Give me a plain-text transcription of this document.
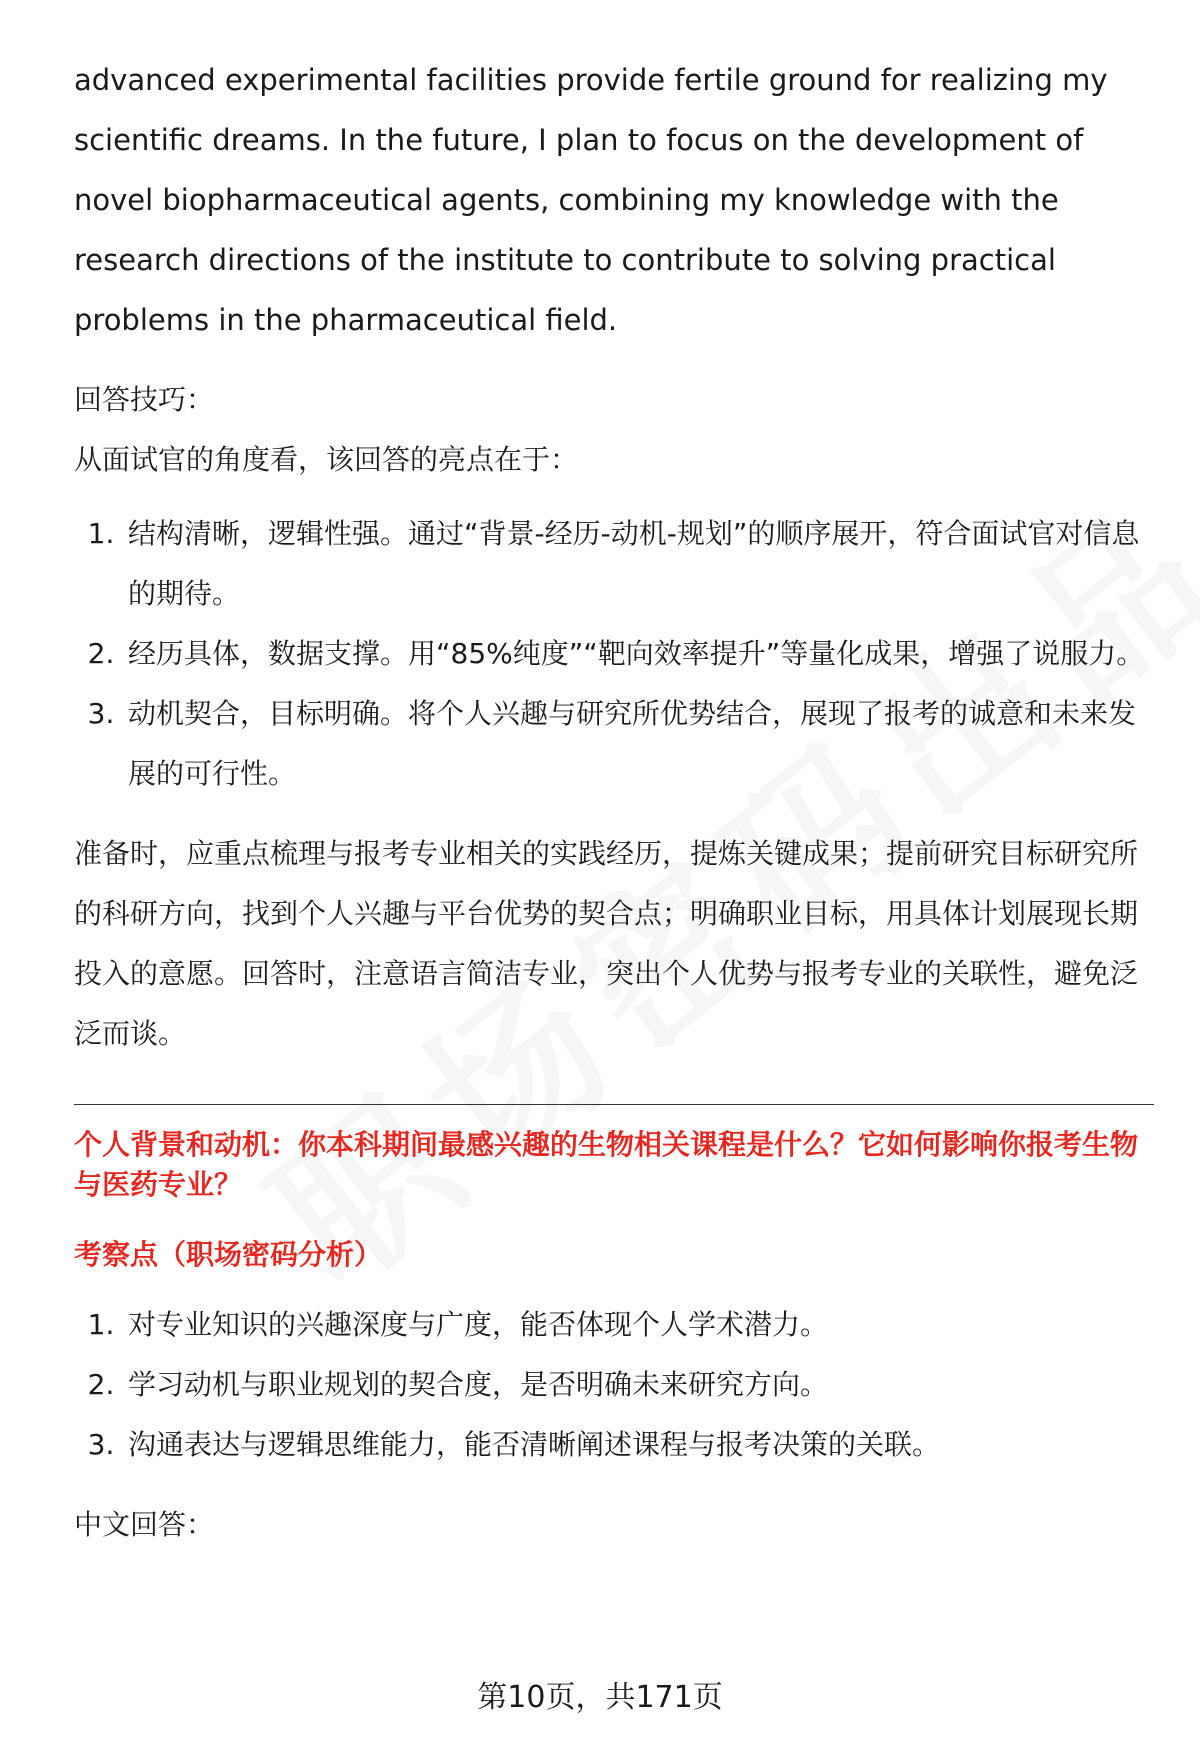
advanced experimental facilities provide fertile ground for realizing my scientific dreams. In the future, I plan to focus on the development of novel biopharmaceutical agents, combining my knowledge with the research directions of the institute to contribute to solving practical problems in the pharmaceutical field.

回答技巧：

从面试官的角度看，该回答的亮点在于：

1. 结构清晰，逻辑性强。通过“背景-经历-动机-规划”的顺序展开，符合面试官对信息的期待。
2. 经历具体，数据支撑。用“85%纯度”“靶向效率提升”等量化成果，增强了说服力。
3. 动机契合，目标明确。将个人兴趣与研究所优势结合，展现了报考的诚意和未来发展的可行性。

准备时，应重点梳理与报考专业相关的实践经历，提炼关键成果；提前研究目标研究所的科研方向，找到个人兴趣与平台优势的契合点；明确职业目标，用具体计划展现长期投入的意愿。回答时，注意语言简洁专业，突出个人优势与报考专业的关联性，避免泛泛而谈。

个人背景和动机：你本科期间最感兴趣的生物相关课程是什么？它如何影响你报考生物与医药专业？

考察点（职场密码分析）

1. 对专业知识的兴趣深度与广度，能否体现个人学术潜力。
2. 学习动机与职业规划的契合度，是否明确未来研究方向。
3. 沟通表达与逻辑思维能力，能否清晰阐述课程与报考决策的关联。

中文回答：

第10页，共171页
